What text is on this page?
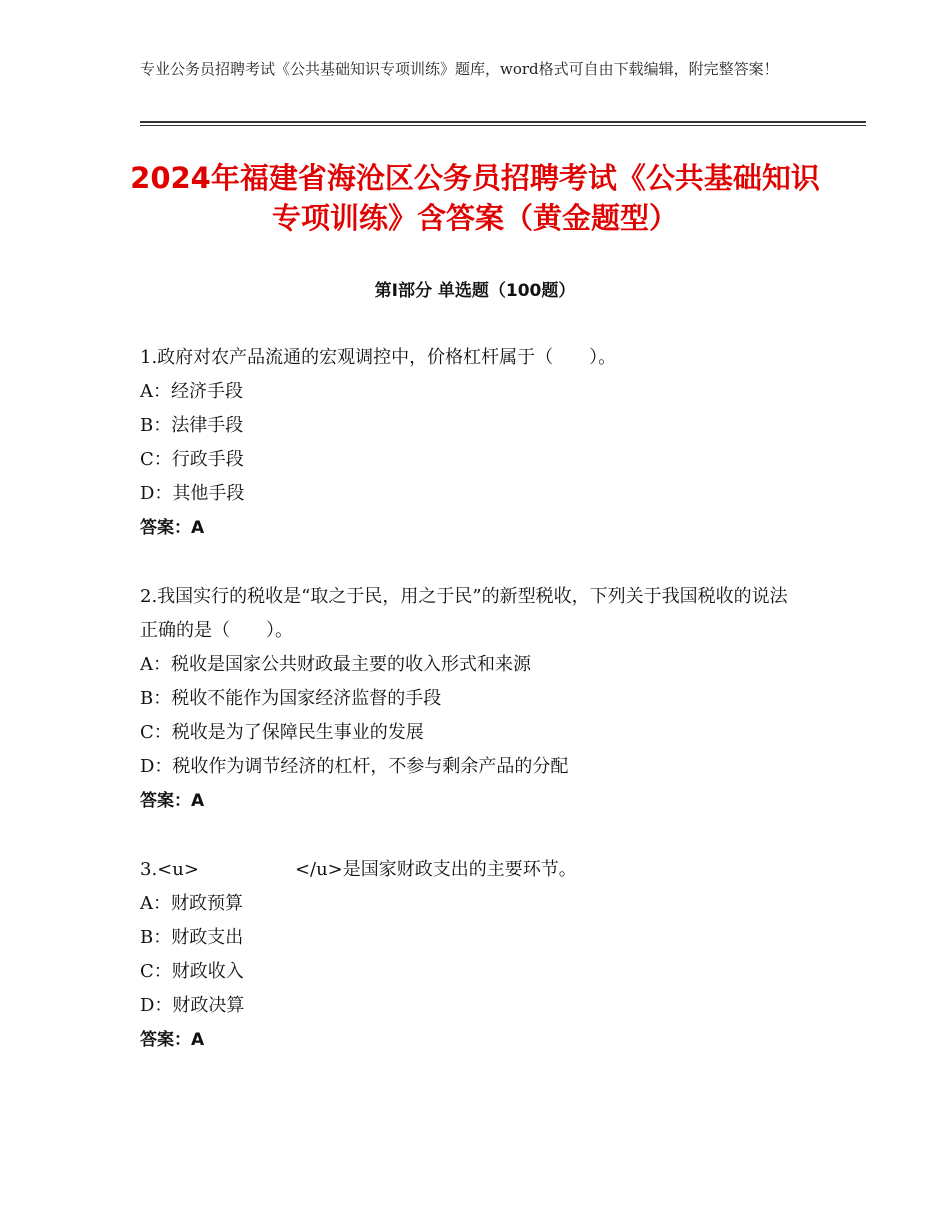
专业公务员招聘考试《公共基础知识专项训练》题库，word格式可自由下载编辑，附完整答案！
2024年福建省海沧区公务员招聘考试《公共基础知识专项训练》含答案（黄金题型）
第I部分 单选题（100题）
1.政府对农产品流通的宏观调控中，价格杠杆属于（　　）。
A：经济手段
B：法律手段
C：行政手段
D：其他手段
答案：A
2.我国实行的税收是“取之于民，用之于民”的新型税收，下列关于我国税收的说法正确的是（　　）。
A：税收是国家公共财政最主要的收入形式和来源
B：税收不能作为国家经济监督的手段
C：税收是为了保障民生事业的发展
D：税收作为调节经济的杠杆，不参与剩余产品的分配
答案：A
3.<u>	</u>是国家财政支出的主要环节。
A：财政预算
B：财政支出
C：财政收入
D：财政决算
答案：A
